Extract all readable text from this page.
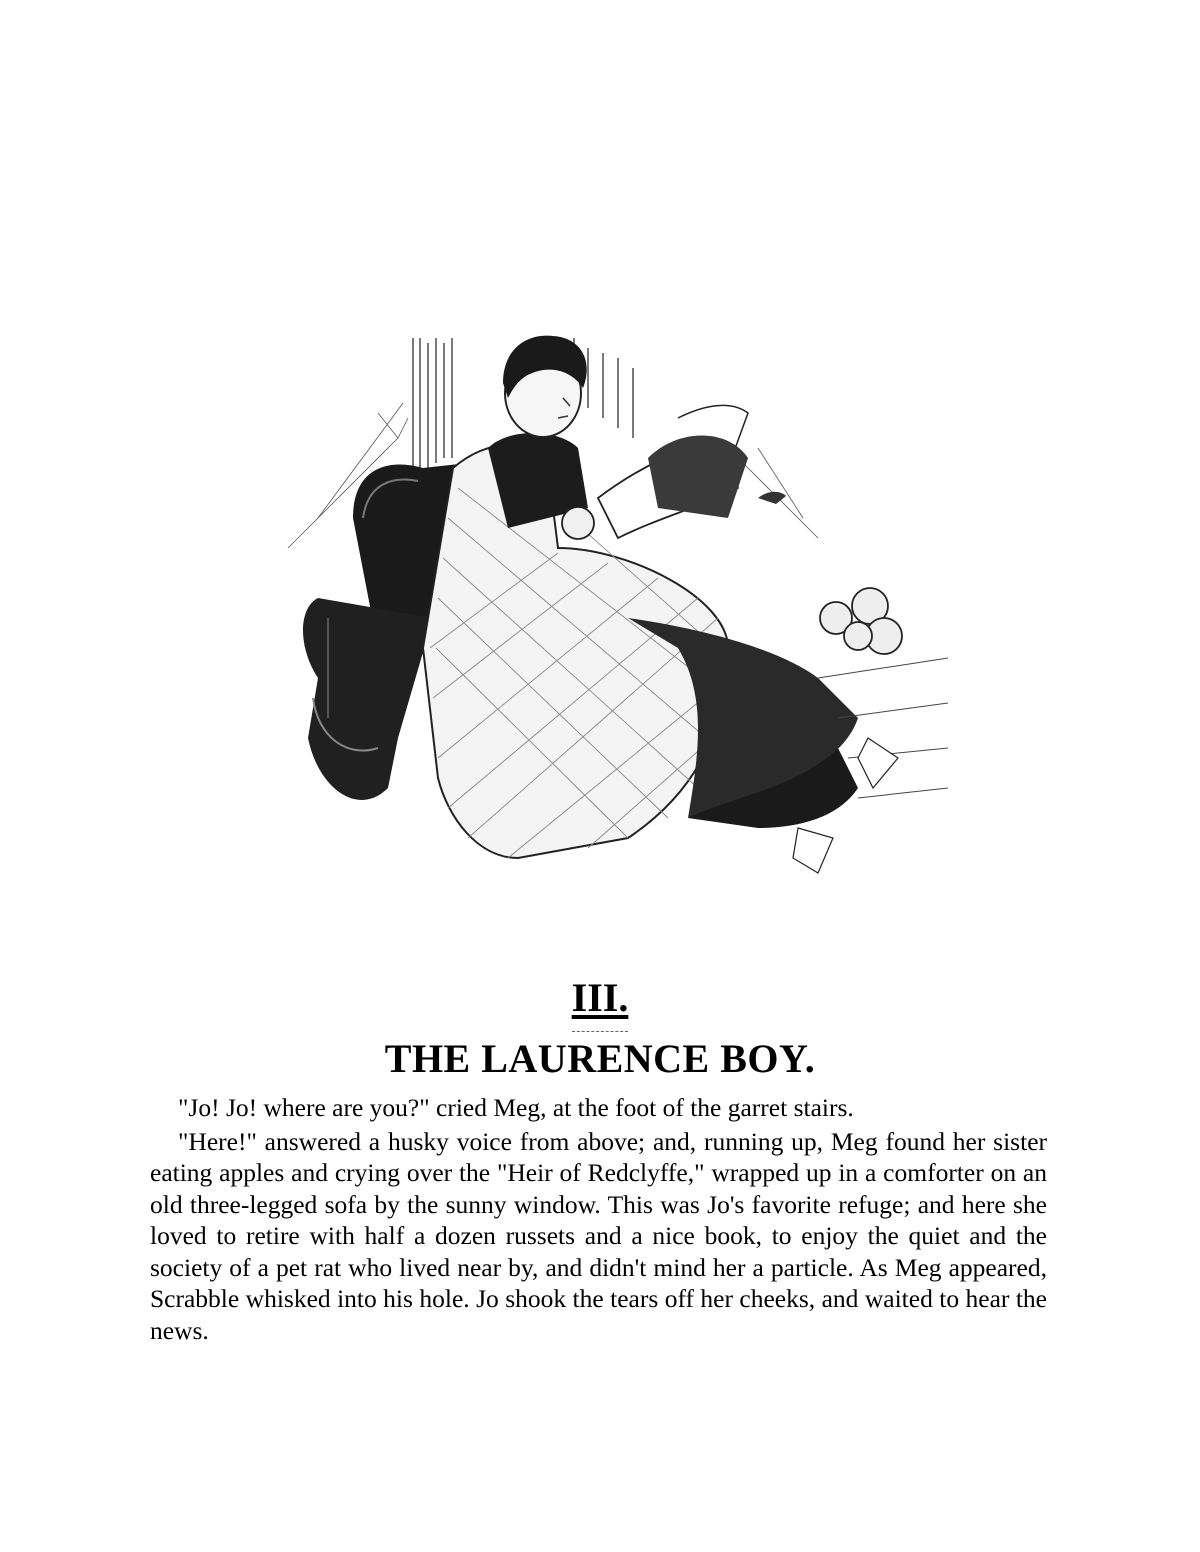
III.
THE LAURENCE BOY.

"Jo! Jo! where are you?" cried Meg, at the foot of the garret stairs.

"Here!" answered a husky voice from above; and, running up, Meg found her sister eating apples and crying over the "Heir of Redclyffe," wrapped up in a comforter on an old three-legged sofa by the sunny window. This was Jo's favorite refuge; and here she loved to retire with half a dozen russets and a nice book, to enjoy the quiet and the society of a pet rat who lived near by, and didn't mind her a particle. As Meg appeared, Scrabble whisked into his hole. Jo shook the tears off her cheeks, and waited to hear the news.
